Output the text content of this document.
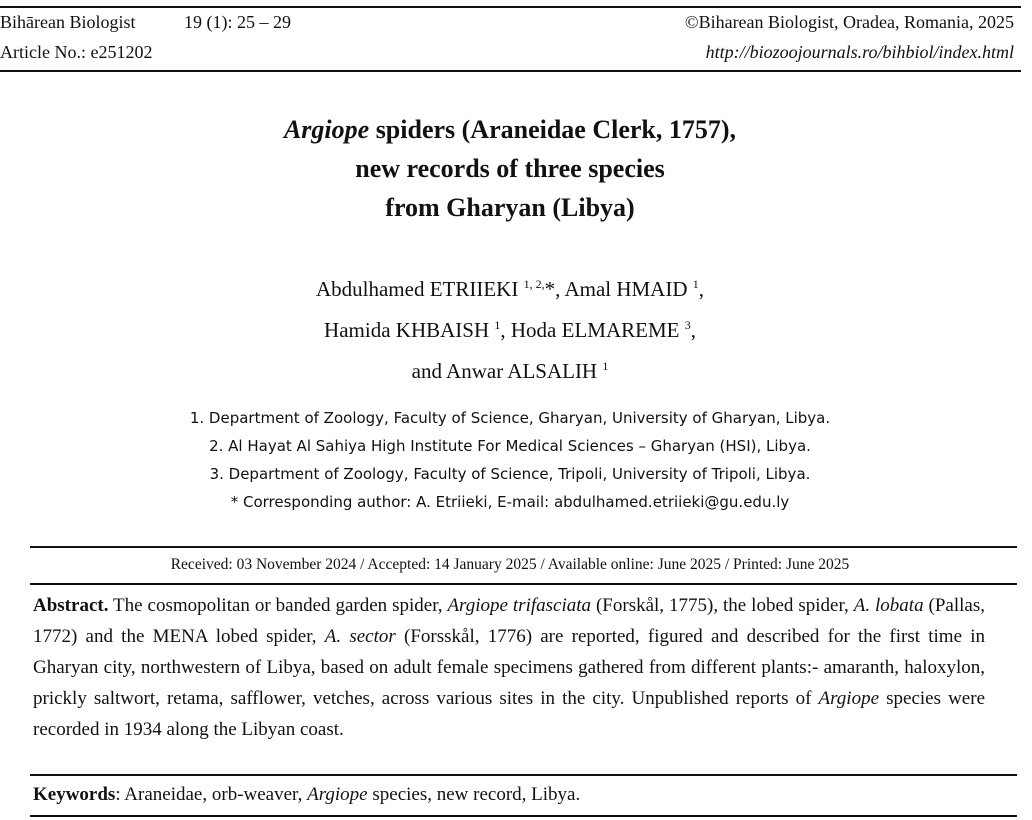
Bihārean Biologist	19 (1): 25 – 29	©Biharean Biologist, Oradea, Romania, 2025
Article No.: e251202	http://biozoojournals.ro/bihbiol/index.html
Argiope spiders (Araneidae Clerk, 1757),
new records of three species
from Gharyan (Libya)
Abdulhamed ETRIIEKI $^{1, 2,}$*, Amal HMAID $^1$,
Hamida KHBAISH $^1$, Hoda ELMAREME $^3$,
and Anwar ALSALIH $^1$
1. Department of Zoology, Faculty of Science, Gharyan, University of Gharyan, Libya.
2. Al Hayat Al Sahiya High Institute For Medical Sciences – Gharyan (HSI), Libya.
3. Department of Zoology, Faculty of Science, Tripoli, University of Tripoli, Libya.
* Corresponding author: A. Etriieki, E-mail: abdulhamed.etriieki@gu.edu.ly
Received: 03 November 2024 / Accepted: 14 January 2025 / Available online: June 2025 / Printed: June 2025
Abstract. The cosmopolitan or banded garden spider, Argiope trifasciata (Forskål, 1775), the lobed spider, A. lobata (Pallas, 1772) and the MENA lobed spider, A. sector (Forsskål, 1776) are reported, figured and described for the first time in Gharyan city, northwestern of Libya, based on adult female specimens gathered from different plants:- amaranth, haloxylon, prickly saltwort, retama, safflower, vetches, across various sites in the city. Unpublished reports of Argiope species were recorded in 1934 along the Libyan coast.
Keywords: Araneidae, orb-weaver, Argiope species, new record, Libya.
